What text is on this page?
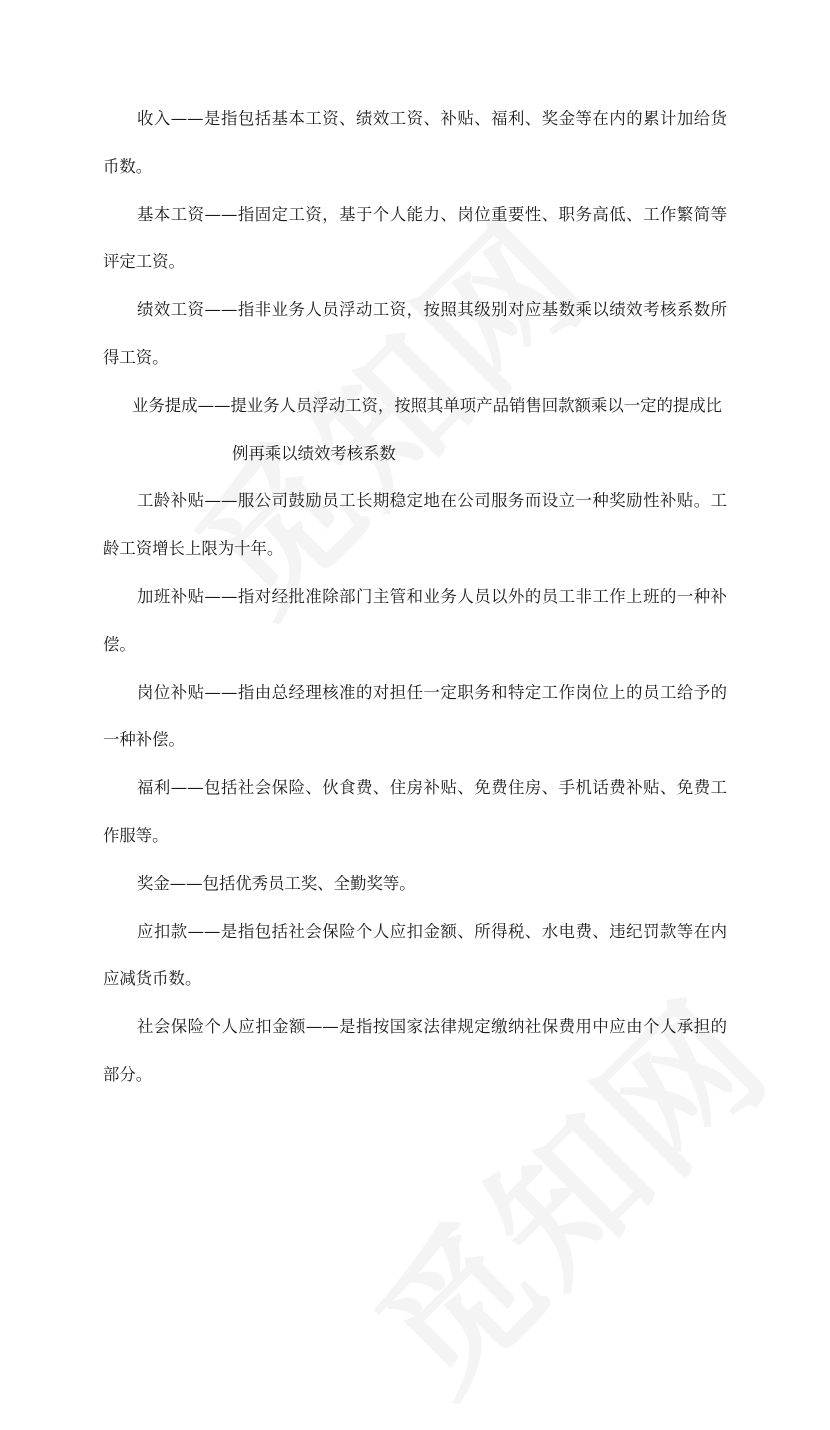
收入——是指包括基本工资、绩效工资、补贴、福利、奖金等在内的累计加给货币数。

基本工资——指固定工资，基于个人能力、岗位重要性、职务高低、工作繁简等评定工资。

绩效工资——指非业务人员浮动工资，按照其级别对应基数乘以绩效考核系数所得工资。

业务提成——提业务人员浮动工资，按照其单项产品销售回款额乘以一定的提成比
例再乘以绩效考核系数

工龄补贴——服公司鼓励员工长期稳定地在公司服务而设立一种奖励性补贴。工龄工资增长上限为十年。

加班补贴——指对经批准除部门主管和业务人员以外的员工非工作上班的一种补偿。

岗位补贴——指由总经理核准的对担任一定职务和特定工作岗位上的员工给予的一种补偿。

福利——包括社会保险、伙食费、住房补贴、免费住房、手机话费补贴、免费工作服等。

奖金——包括优秀员工奖、全勤奖等。

应扣款——是指包括社会保险个人应扣金额、所得税、水电费、违纪罚款等在内应减货币数。

社会保险个人应扣金额——是指按国家法律规定缴纳社保费用中应由个人承担的部分。
